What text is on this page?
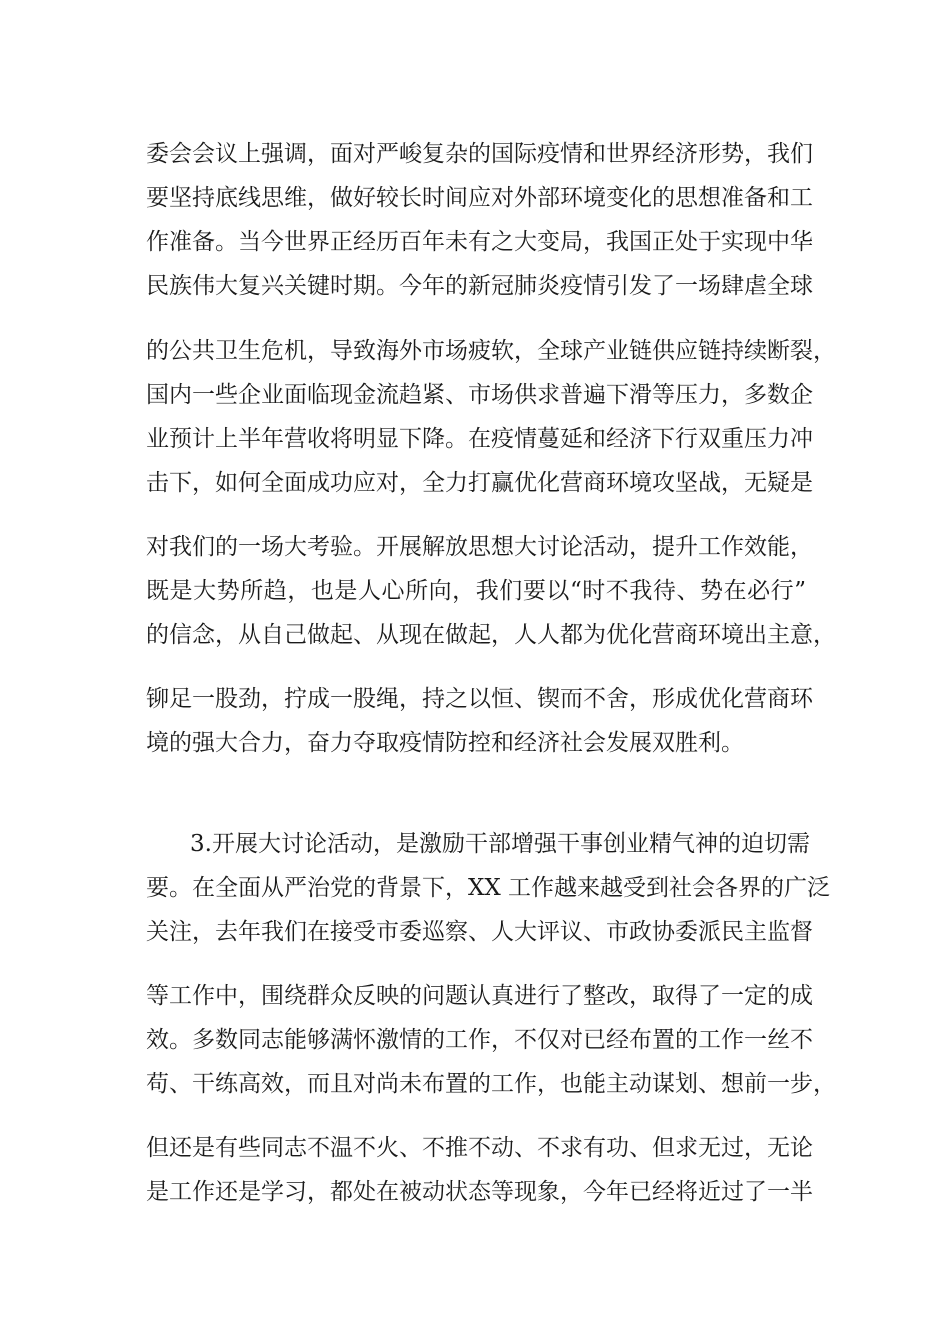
委会会议上强调，面对严峻复杂的国际疫情和世界经济形势，我们
要坚持底线思维，做好较长时间应对外部环境变化的思想准备和工
作准备。当今世界正经历百年未有之大变局，我国正处于实现中华
民族伟大复兴关键时期。今年的新冠肺炎疫情引发了一场肆虐全球
的公共卫生危机，导致海外市场疲软，全球产业链供应链持续断裂，
国内一些企业面临现金流趋紧、市场供求普遍下滑等压力，多数企
业预计上半年营收将明显下降。在疫情蔓延和经济下行双重压力冲
击下，如何全面成功应对，全力打赢优化营商环境攻坚战，无疑是
对我们的一场大考验。开展解放思想大讨论活动，提升工作效能，
既是大势所趋，也是人心所向，我们要以“时不我待、势在必行”
的信念，从自己做起、从现在做起，人人都为优化营商环境出主意，
铆足一股劲，拧成一股绳，持之以恒、锲而不舍，形成优化营商环
境的强大合力，奋力夺取疫情防控和经济社会发展双胜利。
3.开展大讨论活动，是激励干部增强干事创业精气神的迫切需
要。在全面从严治党的背景下，XX 工作越来越受到社会各界的广泛
关注，去年我们在接受市委巡察、人大评议、市政协委派民主监督
等工作中，围绕群众反映的问题认真进行了整改，取得了一定的成
效。多数同志能够满怀激情的工作，不仅对已经布置的工作一丝不
苟、干练高效，而且对尚未布置的工作，也能主动谋划、想前一步，
但还是有些同志不温不火、不推不动、不求有功、但求无过，无论
是工作还是学习，都处在被动状态等现象，今年已经将近过了一半
